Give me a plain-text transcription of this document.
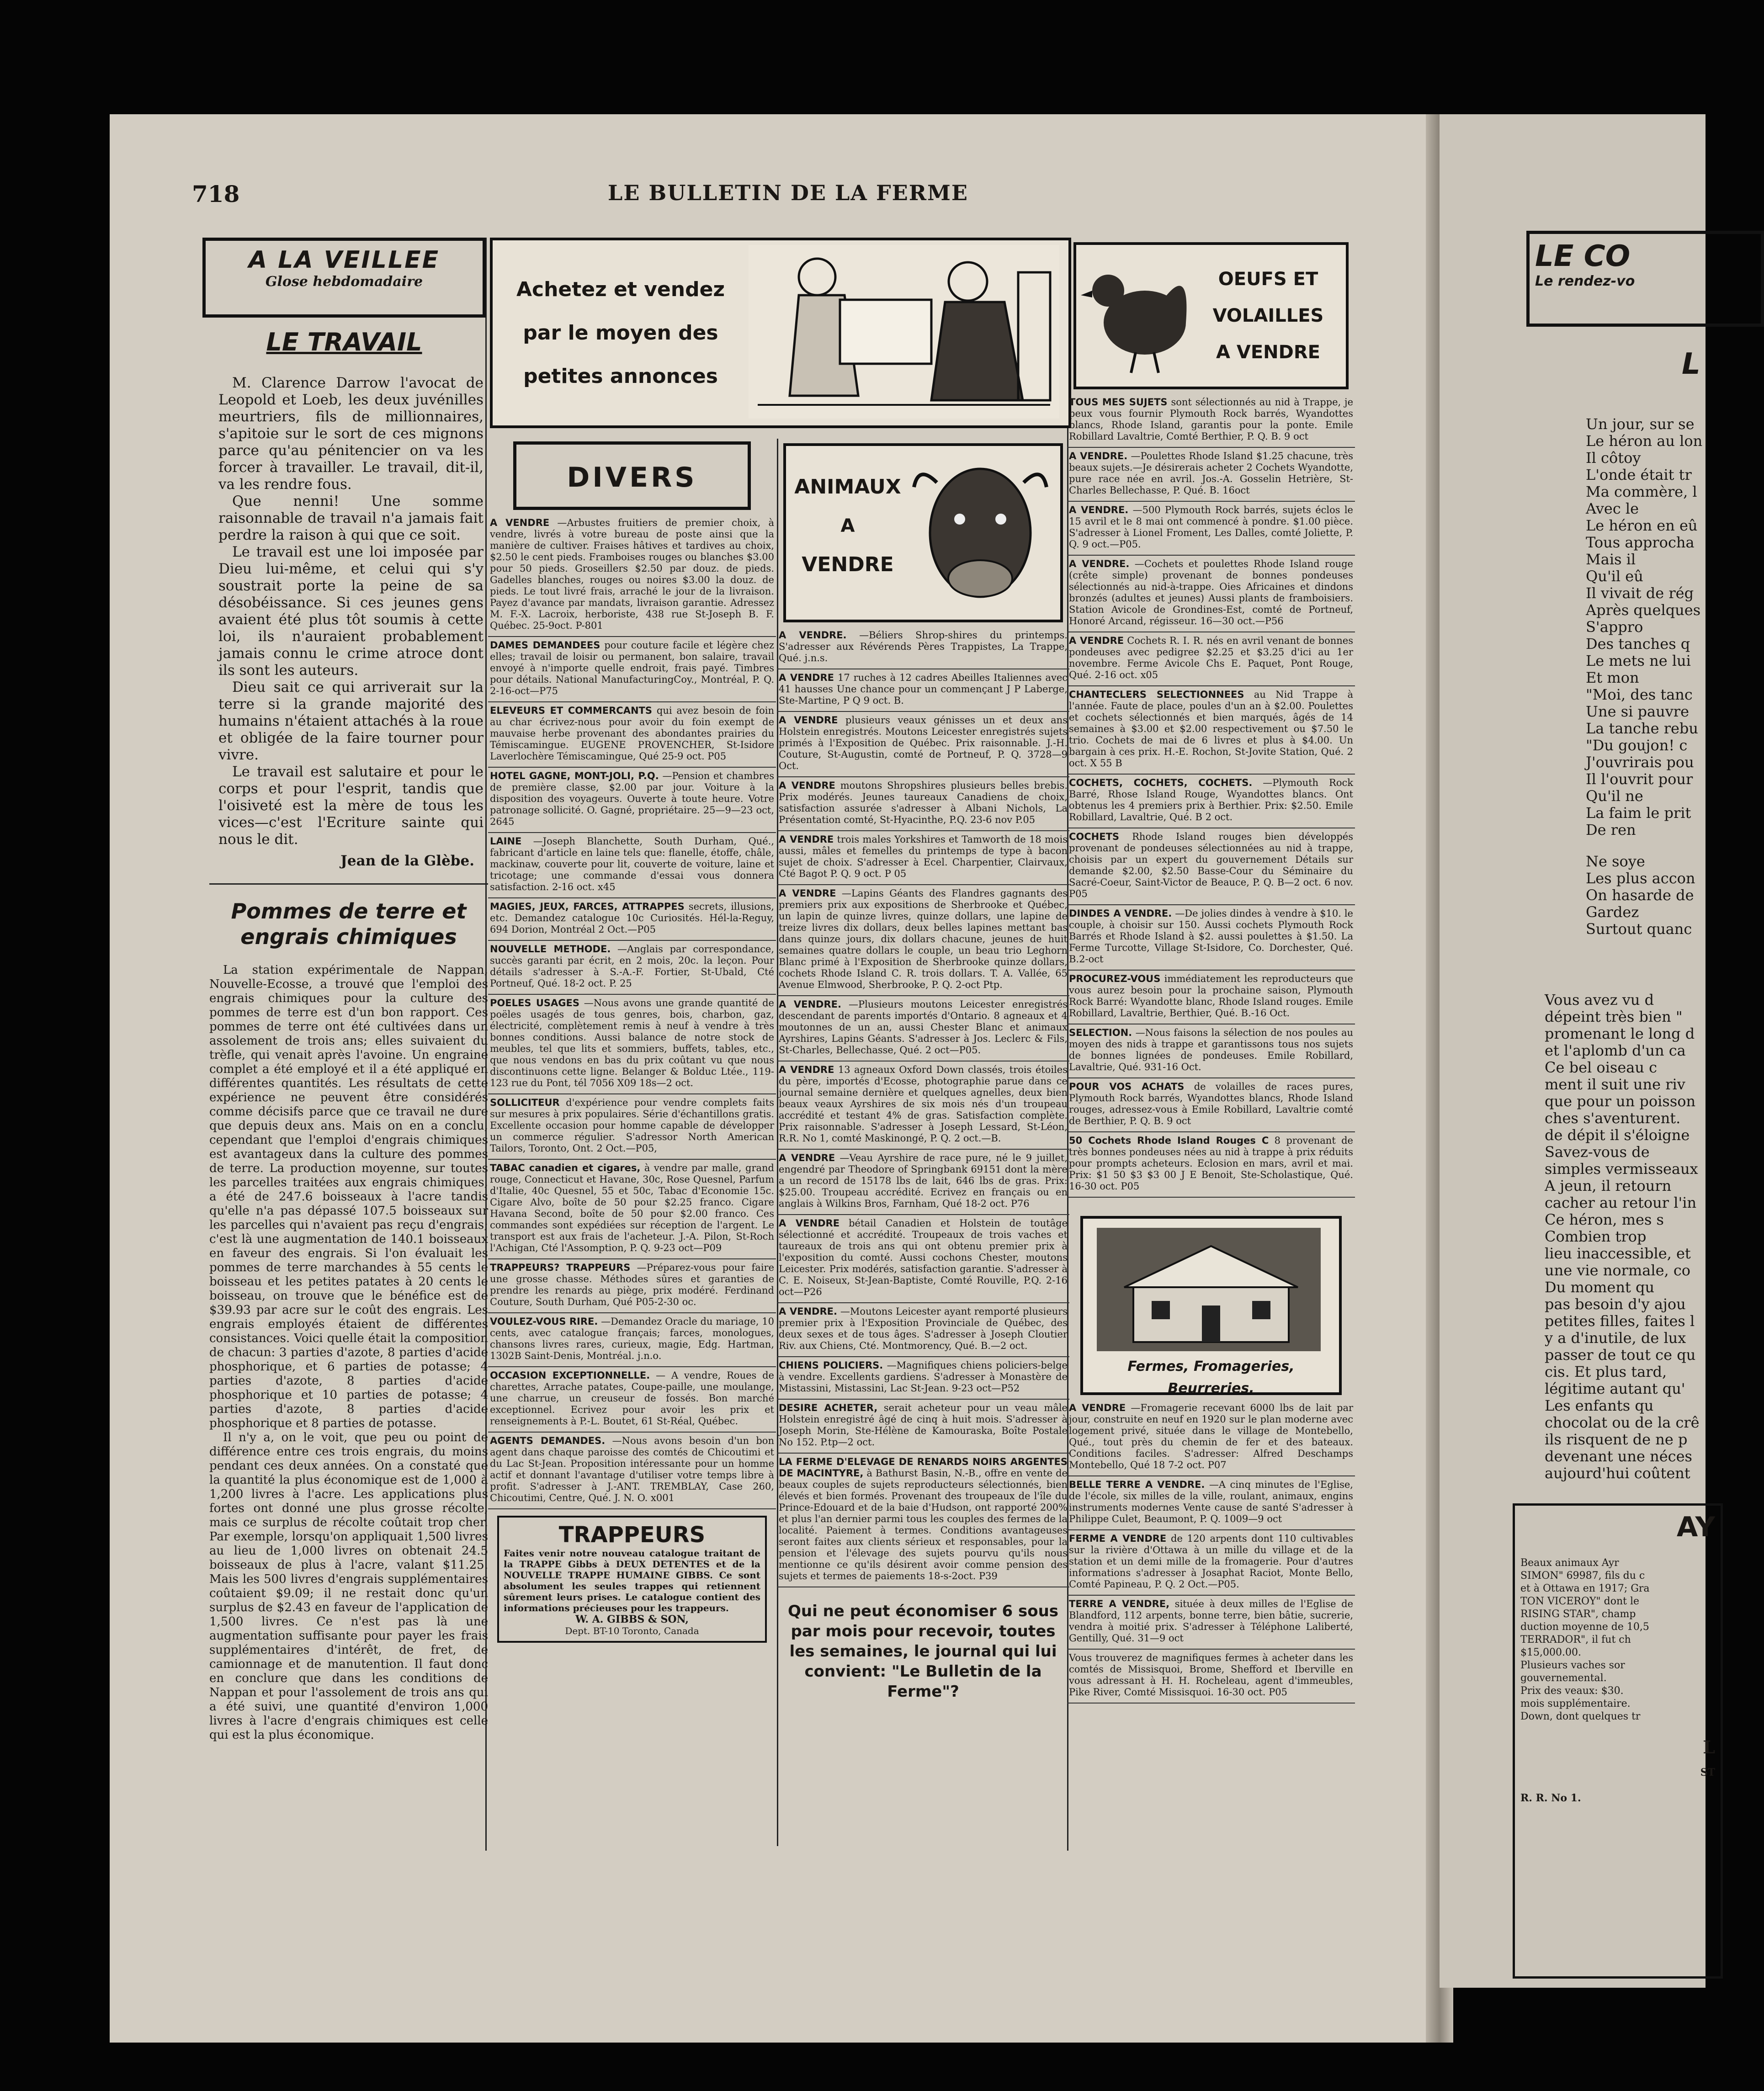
718	LE BULLETIN DE LA FERME
A LA VEILLEE
Glose hebdomadaire
LE TRAVAIL

M. Clarence Darrow l'avocat de Leopold et Loeb, les deux juvénilles meurtriers, fils de millionnaires, s'apitoie sur le sort de ces mignons parce qu'au pénitencier on va les forcer à travailler. Le travail, dit-il, va les rendre fous.

Que nenni! Une somme raisonnable de travail n'a jamais fait perdre la raison à qui que ce soit.

Le travail est une loi imposée par Dieu lui-même, et celui qui s'y soustrait porte la peine de sa désobéissance. Si ces jeunes gens avaient été plus tôt soumis à cette loi, ils n'auraient probablement jamais connu le crime atroce dont ils sont les auteurs.

Dieu sait ce qui arriverait sur la terre si la grande majorité des humains n'étaient attachés à la roue et obligée de la faire tourner pour vivre.

Le travail est salutaire et pour le corps et pour l'esprit, tandis que l'oisiveté est la mère de tous les vices—c'est l'Ecriture sainte qui nous le dit.

Jean de la Glèbe.
Pommes de terre et engrais chimiques

La station expérimentale de Nappan, Nouvelle-Ecosse, a trouvé que l'emploi des engrais chimiques pour la culture des pommes de terre est d'un bon rapport. Ces pommes de terre ont été cultivées dans un assolement de trois ans; elles suivaient du trèfle, qui venait après l'avoine. Un engraine complet a été employé et il a été appliqué en différentes quantités. Les résultats de cette expérience ne peuvent être considérés comme décisifs parce que ce travail ne dure que depuis deux ans. Mais on en a conclu, cependant que l'emploi d'engrais chimiques est avantageux dans la culture des pommes de terre. La production moyenne, sur toutes les parcelles traitées aux engrais chimiques, a été de 247.6 boisseaux à l'acre tandis qu'elle n'a pas dépassé 107.5 boisseaux sur les parcelles qui n'avaient pas reçu d'engrais; c'est là une augmentation de 140.1 boisseaux en faveur des engrais. Si l'on évaluait les pommes de terre marchandes à 55 cents le boisseau et les petites patates à 20 cents le boisseau, on trouve que le bénéfice est de $39.93 par acre sur le coût des engrais. Les engrais employés étaient de différentes consistances. Voici quelle était la composition de chacun: 3 parties d'azote, 8 parties d'acide phosphorique, et 6 parties de potasse; 4 parties d'azote, 8 parties d'acide phosphorique et 10 parties de potasse; 4 parties d'azote, 8 parties d'acide phosphorique et 8 parties de potasse.

Il n'y a, on le voit, que peu ou point de différence entre ces trois engrais, du moins pendant ces deux années. On a constaté que la quantité la plus économique est de 1,000 à 1,200 livres à l'acre. Les applications plus fortes ont donné une plus grosse récolte, mais ce surplus de récolte coûtait trop cher. Par exemple, lorsqu'on appliquait 1,500 livres au lieu de 1,000 livres on obtenait 24.5 boisseaux de plus à l'acre, valant $11.25. Mais les 500 livres d'engrais supplémentaires coûtaient $9.09; il ne restait donc qu'un surplus de $2.43 en faveur de l'application de 1,500 livres. Ce n'est pas là une augmentation suffisante pour payer les frais supplémentaires d'intérêt, de fret, de camionnage et de manutention. Il faut donc en conclure que dans les conditions de Nappan et pour l'assolement de trois ans qui a été suivi, une quantité d'environ 1,000 livres à l'acre d'engrais chimiques est celle qui est la plus économique.

Achetez et vendez
par le moyen des
petites annonces
DIVERS
A VENDRE —Arbustes fruitiers de premier choix, à vendre, livrés à votre bureau de poste ainsi que la manière de cultiver. Fraises hâtives et tardives au choix, $2.50 le cent pieds. Framboises rouges ou blanches $3.00 pour 50 pieds. Groseillers $2.50 par douz. de pieds. Gadelles blanches, rouges ou noires $3.00 la douz. de pieds. Le tout livré frais, arraché le jour de la livraison. Payez d'avance par mandats, livraison garantie. Adressez M. F.-X. Lacroix, herboriste, 438 rue St-Joseph B. F. Québec. 25-9oct. P-801
DAMES DEMANDEES pour couture facile et légère chez elles; travail de loisir ou permanent, bon salaire, travail envoyé à n'importe quelle endroit, frais payé. Timbres pour détails. National ManufacturingCoy., Montréal, P. Q. 2-16-oct—P75
ELEVEURS ET COMMERCANTS qui avez besoin de foin au char écrivez-nous pour avoir du foin exempt de mauvaise herbe provenant des abondantes prairies du Témiscamingue. EUGENE PROVENCHER, St-Isidore Laverlochère Témiscamingue, Qué 25-9 oct. P05
HOTEL GAGNE, MONT-JOLI, P.Q. —Pension et chambres de première classe, $2.00 par jour. Voiture à la disposition des voyageurs. Ouverte à toute heure. Votre patronage sollicité. O. Gagné, propriétaire. 25—9—23 oct, 2645
LAINE —Joseph Blanchette, South Durham, Qué., fabricant d'article en laine tels que: flanelle, étoffe, châle, mackinaw, couverte pour lit, couverte de voiture, laine et tricotage; une commande d'essai vous donnera satisfaction. 2-16 oct. x45
MAGIES, JEUX, FARCES, ATTRAPPES secrets, illusions, etc. Demandez catalogue 10c Curiosités. Hél-la-Reguy, 694 Dorion, Montréal 2 Oct.—P05
NOUVELLE METHODE. —Anglais par correspondance, succès garanti par écrit, en 2 mois, 20c. la leçon. Pour détails s'adresser à S.-A.-F. Fortier, St-Ubald, Cté Portneuf, Qué. 18-2 oct. P. 25
POELES USAGES —Nous avons une grande quantité de poëles usagés de tous genres, bois, charbon, gaz, électricité, complètement remis à neuf à vendre à très bonnes conditions. Aussi balance de notre stock de meubles, tel que lits et sommiers, buffets, tables, etc., que nous vendons en bas du prix coûtant vu que nous discontinuons cette ligne. Belanger & Bolduc Ltée., 119-123 rue du Pont, tél 7056 X09 18s—2 oct.
SOLLICITEUR d'expérience pour vendre complets faits sur mesures à prix populaires. Série d'échantillons gratis. Excellente occasion pour homme capable de développer un commerce régulier. S'adressor North American Tailors, Toronto, Ont. 2 Oct.—P05,
TABAC canadien et cigares, à vendre par malle, grand rouge, Connecticut et Havane, 30c, Rose Quesnel, Parfum d'Italie, 40c Quesnel, 55 et 50c, Tabac d'Economie 15c. Cigare Alvo, boîte de 50 pour $2.25 franco. Cigare Havana Second, boîte de 50 pour $2.00 franco. Ces commandes sont expédiées sur réception de l'argent. Le transport est aux frais de l'acheteur. J.-A. Pilon, St-Roch l'Achigan, Cté l'Assomption, P. Q. 9-23 oct—P09
TRAPPEURS? TRAPPEURS —Préparez-vous pour faire une grosse chasse. Méthodes sûres et garanties de prendre les renards au piège, prix modéré. Ferdinand Couture, South Durham, Qué P05-2-30 oc.
VOULEZ-VOUS RIRE. —Demandez Oracle du mariage, 10 cents, avec catalogue français; farces, monologues, chansons livres rares, curieux, magie, Edg. Hartman, 1302B Saint-Denis, Montréal. j.n.o.
OCCASION EXCEPTIONNELLE. — A vendre, Roues de charettes, Arrache patates, Coupe-paille, une moulange, une charrue, un creuseur de fossés. Bon marché exceptionnel. Ecrivez pour avoir les prix et renseignements à P.-L. Boutet, 61 St-Réal, Québec.
AGENTS DEMANDES. —Nous avons besoin d'un bon agent dans chaque paroisse des comtés de Chicoutimi et du Lac St-Jean. Proposition intéressante pour un homme actif et donnant l'avantage d'utiliser votre temps libre à profit. S'adresser à J.-ANT. TREMBLAY, Case 260, Chicoutimi, Centre, Qué. J. N. O. x001
TRAPPEURS
Faites venir notre nouveau catalogue traitant de la TRAPPE Gibbs à DEUX DETENTES et de la NOUVELLE TRAPPE HUMAINE GIBBS. Ce sont absolument les seules trappes qui retiennent sûrement leurs prises. Le catalogue contient des informations précieuses pour les trappeurs.
W. A. GIBBS & SON,
Dept. BT-10 Toronto, Canada
ANIMAUX
A
VENDRE
A VENDRE. —Béliers Shrop-shires du printemps. S'adresser aux Révérends Pères Trappistes, La Trappe, Qué. j.n.s.
A VENDRE 17 ruches à 12 cadres Abeilles Italiennes avec 41 hausses Une chance pour un commençant J P Laberge, Ste-Martine, P Q 9 oct. B.
A VENDRE plusieurs veaux génisses un et deux ans Holstein enregistrés. Moutons Leicester enregistrés sujets primés à l'Exposition de Québec. Prix raisonnable. J.-H. Couture, St-Augustin, comté de Portneuf, P. Q. 3728—9 Oct.
A VENDRE moutons Shropshires plusieurs belles brebis. Prix modérés. Jeunes taureaux Canadiens de choix, satisfaction assurée s'adresser à Albani Nichols, La Présentation comté, St-Hyacinthe, P.Q. 23-6 nov P.05
A VENDRE trois males Yorkshires et Tamworth de 18 mois aussi, mâles et femelles du printemps de type à bacon sujet de choix. S'adresser à Ecel. Charpentier, Clairvaux, Cté Bagot P. Q. 9 oct. P 05
A VENDRE —Lapins Géants des Flandres gagnants des premiers prix aux expositions de Sherbrooke et Québec, un lapin de quinze livres, quinze dollars, une lapine de treize livres dix dollars, deux belles lapines mettant bas dans quinze jours, dix dollars chacune, jeunes de huit semaines quatre dollars le couple, un beau trio Leghorn Blanc primé à l'Exposition de Sherbrooke quinze dollars, cochets Rhode Island C. R. trois dollars. T. A. Vallée, 65 Avenue Elmwood, Sherbrooke, P. Q. 2-oct Ptp.
A VENDRE. —Plusieurs moutons Leicester enregistrés descendant de parents importés d'Ontario. 8 agneaux et 4 moutonnes de un an, aussi Chester Blanc et animaux Ayrshires, Lapins Géants. S'adresser à Jos. Leclerc & Fils, St-Charles, Bellechasse, Qué. 2 oct—P05.
A VENDRE 13 agneaux Oxford Down classés, trois étoiles du père, importés d'Ecosse, photographie parue dans ce journal semaine dernière et quelques agnelles, deux bien beaux veaux Ayrshires de six mois nés d'un troupeau accrédité et testant 4% de gras. Satisfaction complète. Prix raisonnable. S'adresser à Joseph Lessard, St-Léon, R.R. No 1, comté Maskinongé, P. Q. 2 oct.—B.
A VENDRE —Veau Ayrshire de race pure, né le 9 juillet, engendré par Theodore of Springbank 69151 dont la mère a un record de 15178 lbs de lait, 646 lbs de gras. Prix: $25.00. Troupeau accrédité. Ecrivez en français ou en anglais à Wilkins Bros, Farnham, Qué 18-2 oct. P76
A VENDRE bétail Canadien et Holstein de toutâge sélectionné et accrédité. Troupeaux de trois vaches et taureaux de trois ans qui ont obtenu premier prix à l'exposition du comté. Aussi cochons Chester, moutons Leicester. Prix modérés, satisfaction garantie. S'adresser à C. E. Noiseux, St-Jean-Baptiste, Comté Rouville, P.Q. 2-16 oct—P26
A VENDRE. —Moutons Leicester ayant remporté plusieurs premier prix à l'Exposition Provinciale de Québec, des deux sexes et de tous âges. S'adresser à Joseph Cloutier Riv. aux Chiens, Cté. Montmorency, Qué. B.—2 oct.
CHIENS POLICIERS. —Magnifiques chiens policiers-belge à vendre. Excellents gardiens. S'adresser à Monastère de Mistassini, Mistassini, Lac St-Jean. 9-23 oct—P52
DESIRE ACHETER, serait acheteur pour un veau mâle Holstein enregistré âgé de cinq à huit mois. S'adresser à Joseph Morin, Ste-Hélène de Kamouraska, Boîte Postale No 152. P.tp—2 oct.
LA FERME D'ELEVAGE DE RENARDS NOIRS ARGENTES DE MACINTYRE, à Bathurst Basin, N.-B., offre en vente de beaux couples de sujets reproducteurs sélectionnés, bien élevés et bien formés. Provenant des troupeaux de l'île du Prince-Edouard et de la baie d'Hudson, ont rapporté 200% et plus l'an dernier parmi tous les couples des fermes de la localité. Paiement à termes. Conditions avantageuses seront faites aux clients sérieux et responsables, pour la pension et l'élevage des sujets pourvu qu'ils nous mentionne ce qu'ils désirent avoir comme pension des sujets et termes de paiements 18-s-2oct. P39
Qui ne peut économiser 6 sous par mois pour recevoir, toutes les semaines, le journal qui lui convient: "Le Bulletin de la Ferme"?
OEUFS ET
VOLAILLES
A VENDRE
TOUS MES SUJETS sont sélectionnés au nid à Trappe, je peux vous fournir Plymouth Rock barrés, Wyandottes blancs, Rhode Island, garantis pour la ponte. Emile Robillard Lavaltrie, Comté Berthier, P. Q. B. 9 oct
A VENDRE. —Poulettes Rhode Island $1.25 chacune, très beaux sujets.—Je désirerais acheter 2 Cochets Wyandotte, pure race née en avril. Jos.-A. Gosselin Hetrière, St-Charles Bellechasse, P. Qué. B. 16oct
A VENDRE. —500 Plymouth Rock barrés, sujets éclos le 15 avril et le 8 mai ont commencé à pondre. $1.00 pièce. S'adresser à Lionel Froment, Les Dalles, comté Joliette, P. Q. 9 oct.—P05.
A VENDRE. —Cochets et poulettes Rhode Island rouge (crête simple) provenant de bonnes pondeuses sélectionnés au nid-à-trappe. Oies Africaines et dindons bronzés (adultes et jeunes) Aussi plants de framboisiers. Station Avicole de Grondines-Est, comté de Portneuf, Honoré Arcand, régisseur. 16—30 oct.—P56
A VENDRE Cochets R. I. R. nés en avril venant de bonnes pondeuses avec pedigree $2.25 et $3.25 d'ici au 1er novembre. Ferme Avicole Chs E. Paquet, Pont Rouge, Qué. 2-16 oct. x05
CHANTECLERS SELECTIONNEES au Nid Trappe à l'année. Faute de place, poules d'un an à $2.00. Poulettes et cochets sélectionnés et bien marqués, âgés de 14 semaines à $3.00 et $2.00 respectivement ou $7.50 le trio. Cochets de mai de 6 livres et plus à $4.00. Un bargain à ces prix. H.-E. Rochon, St-Jovite Station, Qué. 2 oct. X 55 B
COCHETS, COCHETS, COCHETS. —Plymouth Rock Barré, Rhose Island Rouge, Wyandottes blancs. Ont obtenus les 4 premiers prix à Berthier. Prix: $2.50. Emile Robillard, Lavaltrie, Qué. B 2 oct.
COCHETS Rhode Island rouges bien développés provenant de pondeuses sélectionnées au nid à trappe, choisis par un expert du gouvernement Détails sur demande $2.00, $2.50 Basse-Cour du Séminaire du Sacré-Coeur, Saint-Victor de Beauce, P. Q. B—2 oct. 6 nov. P05
DINDES A VENDRE. —De jolies dindes à vendre à $10. le couple, à choisir sur 150. Aussi cochets Plymouth Rock Barrés et Rhode Island à $2. aussi poulettes à $1.50. La Ferme Turcotte, Village St-Isidore, Co. Dorchester, Qué. B.2-oct
PROCUREZ-VOUS immédiatement les reproducteurs que vous aurez besoin pour la prochaine saison, Plymouth Rock Barré: Wyandotte blanc, Rhode Island rouges. Emile Robillard, Lavaltrie, Berthier, Qué. B.-16 Oct.
SELECTION. —Nous faisons la sélection de nos poules au moyen des nids à trappe et garantissons tous nos sujets de bonnes lignées de pondeuses. Emile Robillard, Lavaltrie, Qué. 931-16 Oct.
POUR VOS ACHATS de volailles de races pures, Plymouth Rock barrés, Wyandottes blancs, Rhode Island rouges, adressez-vous à Emile Robillard, Lavaltrie comté de Berthier, P. Q. B. 9 oct
50 Cochets Rhode Island Rouges C 8 provenant de très bonnes pondeuses nées au nid à trappe à prix réduits pour prompts acheteurs. Eclosion en mars, avril et mai. Prix: $1 50 $3 $3 00 J E Benoit, Ste-Scholastique, Qué. 16-30 oct. P05
Fermes, Fromageries, Beurreries.
A VENDRE —Fromagerie recevant 6000 lbs de lait par jour, construite en neuf en 1920 sur le plan moderne avec logement privé, située dans le village de Montebello, Qué., tout près du chemin de fer et des bateaux. Conditions faciles. S'adresser: Alfred Deschamps Montebello, Qué 18 7-2 oct. P07
BELLE TERRE A VENDRE. —A cinq minutes de l'Eglise, de l'école, six milles de la ville, roulant, animaux, engins instruments modernes Vente cause de santé S'adresser à Philippe Culet, Beaumont, P. Q. 1009—9 oct
FERME A VENDRE de 120 arpents dont 110 cultivables sur la rivière d'Ottawa à un mille du village et de la station et un demi mille de la fromagerie. Pour d'autres informations s'adresser à Josaphat Raciot, Monte Bello, Comté Papineau, P. Q. 2 Oct.—P05.
TERRE A VENDRE, située à deux milles de l'Eglise de Blandford, 112 arpents, bonne terre, bien bâtie, sucrerie, vendra à moitié prix. S'adresser à Téléphone Laliberté, Gentilly, Qué. 31—9 oct
Vous trouverez de magnifiques fermes à acheter dans les comtés de Missisquoi, Brome, Shefford et Iberville en vous adressant à H. H. Rocheleau, agent d'immeubles, Pike River, Comté Missisquoi. 16-30 oct. P05
LE CO
Le rendez-vo
L
Un jour, sur se
Le héron au lon
Il côtoy
L'onde était tr
Ma commère, l
Avec le
Le héron en eû
Tous approcha
Mais il
Qu'il eû
Il vivait de rég
Après quelques
S'appro
Des tanches q
Le mets ne lui
Et mon
"Moi, des tanc
Une si pauvre
La tanche rebu
"Du goujon! c
J'ouvrirais pou
Il l'ouvrit pour
Qu'il ne
La faim le prit
De ren
Ne soye
Les plus accon
On hasarde de
Gardez
Surtout quanc
Vous avez vu d
dépeint très bien "
promenant le long d
et l'aplomb d'un ca
Ce bel oiseau c
ment il suit une riv
que pour un poisson
ches s'aventurent.
de dépit il s'éloigne
Savez-vous de
simples vermisseaux
A jeun, il retourn
cacher au retour l'in
Ce héron, mes s
Combien trop
lieu inaccessible, et
une vie normale, co
Du moment qu
pas besoin d'y ajou
petites filles, faites l
y a d'inutile, de lux
passer de tout ce qu
cis. Et plus tard,
légitime autant qu'
Les enfants qu
chocolat ou de la crê
ils risquent de ne p
devenant une néces
aujourd'hui coûtent
AY
Beaux animaux Ayr
SIMON" 69987, fils du c
et à Ottawa en 1917; Gra
TON VICEROY" dont le
RISING STAR", champ
duction moyenne de 10,5
TERRADOR", il fut ch
$15,000.00.
Plusieurs vaches sor
gouvernemental.
Prix des veaux: $30.
mois supplémentaire.
Down, dont quelques tr
L
ST
R. R. No 1.
